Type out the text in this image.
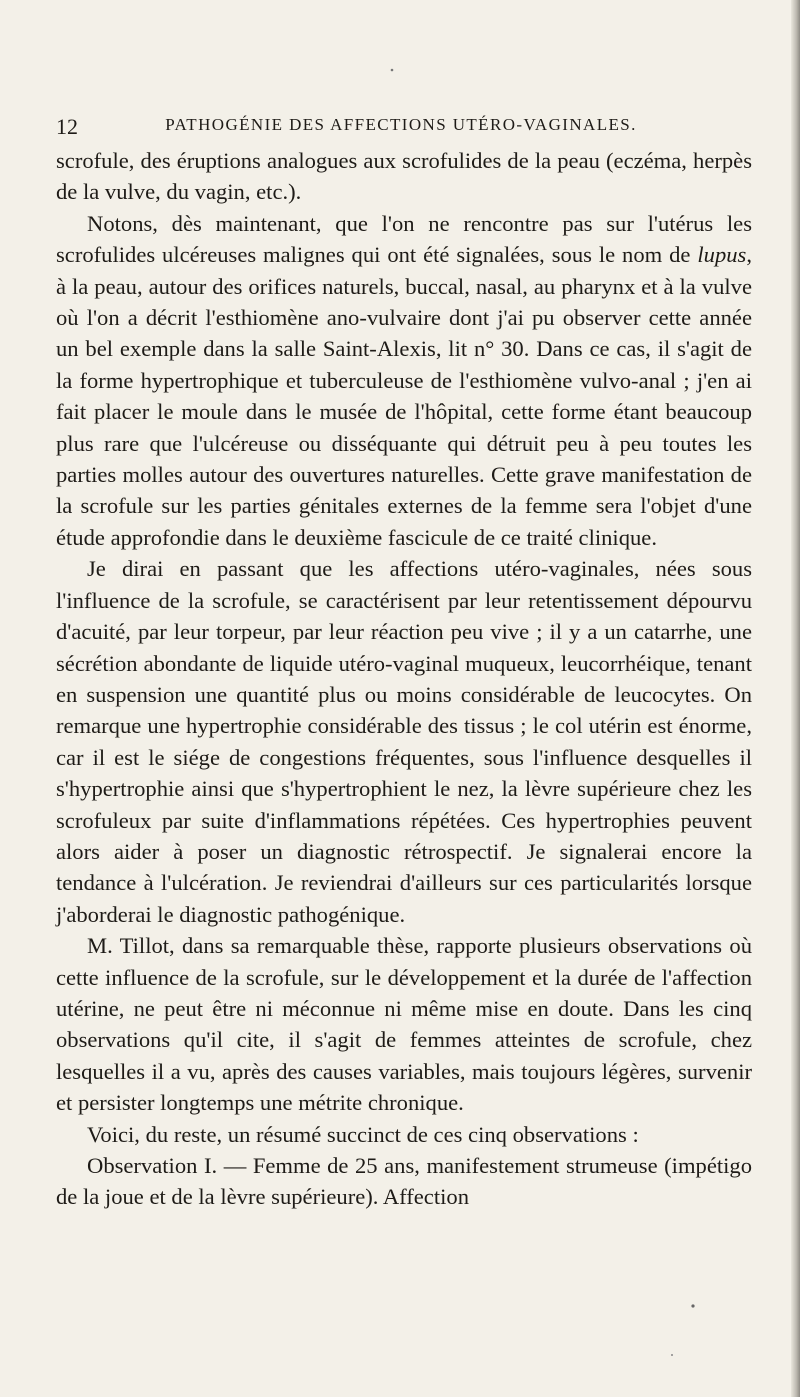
12	PATHOGÉNIE DES AFFECTIONS UTÉRO-VAGINALES.

scrofule, des éruptions analogues aux scrofulides de la peau (eczéma, herpès de la vulve, du vagin, etc.).

Notons, dès maintenant, que l'on ne rencontre pas sur l'utérus les scrofulides ulcéreuses malignes qui ont été signalées, sous le nom de lupus, à la peau, autour des orifices naturels, buccal, nasal, au pharynx et à la vulve où l'on a décrit l'esthiomène ano-vulvaire dont j'ai pu observer cette année un bel exemple dans la salle Saint-Alexis, lit n° 30. Dans ce cas, il s'agit de la forme hypertrophique et tuberculeuse de l'esthiomène vulvo-anal ; j'en ai fait placer le moule dans le musée de l'hôpital, cette forme étant beaucoup plus rare que l'ulcéreuse ou disséquante qui détruit peu à peu toutes les parties molles autour des ouvertures naturelles. Cette grave manifestation de la scrofule sur les parties génitales externes de la femme sera l'objet d'une étude approfondie dans le deuxième fascicule de ce traité clinique.

Je dirai en passant que les affections utéro-vaginales, nées sous l'influence de la scrofule, se caractérisent par leur retentissement dépourvu d'acuité, par leur torpeur, par leur réaction peu vive ; il y a un catarrhe, une sécrétion abondante de liquide utéro-vaginal muqueux, leucorrhéique, tenant en suspension une quantité plus ou moins considérable de leucocytes. On remarque une hypertrophie considérable des tissus ; le col utérin est énorme, car il est le siége de congestions fréquentes, sous l'influence desquelles il s'hypertrophie ainsi que s'hypertrophient le nez, la lèvre supérieure chez les scrofuleux par suite d'inflammations répétées. Ces hypertrophies peuvent alors aider à poser un diagnostic rétrospectif. Je signalerai encore la tendance à l'ulcération. Je reviendrai d'ailleurs sur ces particularités lorsque j'aborderai le diagnostic pathogénique.

M. Tillot, dans sa remarquable thèse, rapporte plusieurs observations où cette influence de la scrofule, sur le développement et la durée de l'affection utérine, ne peut être ni méconnue ni même mise en doute. Dans les cinq observations qu'il cite, il s'agit de femmes atteintes de scrofule, chez lesquelles il a vu, après des causes variables, mais toujours légères, survenir et persister longtemps une métrite chronique.

Voici, du reste, un résumé succinct de ces cinq observations :

Observation I. — Femme de 25 ans, manifestement strumeuse (impétigo de la joue et de la lèvre supérieure). Affection
